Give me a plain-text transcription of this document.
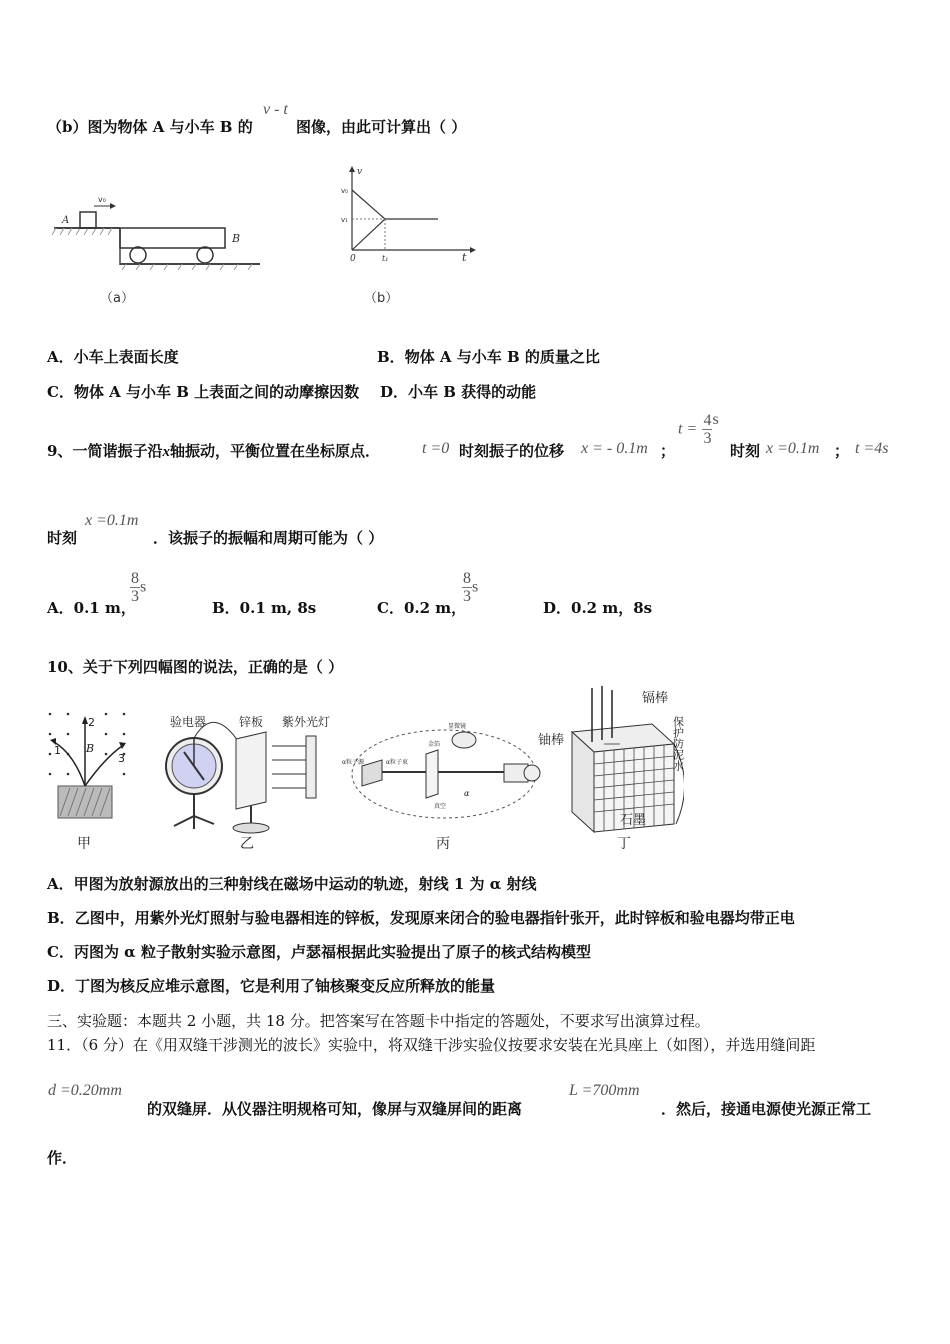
（b）图为物体 A 与小车 B 的
v - t
图像，由此可计算出（ ）
v₀
A
B
（a）
v
v₀
v₁
0	t₁	t
（b）
A．小车上表面长度	B．物体 A 与小车 B 的质量之比
C．物体 A 与小车 B 上表面之间的动摩擦因数 D．小车 B 获得的动能
9、一简谐振子沿x轴振动，平衡位置在坐标原点．	t =0 时刻振子的位移 x = - 0.1m ；
$t = \frac{4}{3}$ s
时刻 x =0.1m ； t =4s
时刻
x =0.1m
．该振子的振幅和周期可能为（ ）
A．0.1 m，
$\frac{8}{3}$ s
B．0.1 m, 8s	C．0.2 m，
$\frac{8}{3}$ s
D．0.2 m，8s
10、关于下列四幅图的说法，正确的是（ ）
2
1
3
B
甲
验电器	锌板 紫外光灯
乙
α粒子源	α粒子束
金箔
显微镜
真空
α
丙
铀棒
镉棒
石墨
保护防泥水
丁
A．甲图为放射源放出的三种射线在磁场中运动的轨迹，射线 1 为 α 射线
B．乙图中，用紫外光灯照射与验电器相连的锌板，发现原来闭合的验电器指针张开，此时锌板和验电器均带正电
C．丙图为 α 粒子散射实验示意图，卢瑟福根据此实验提出了原子的核式结构模型
D．丁图为核反应堆示意图，它是利用了铀核聚变反应所释放的能量
三、实验题：本题共 2 小题，共 18 分。把答案写在答题卡中指定的答题处，不要求写出演算过程。
11．（6 分）在《用双缝干涉测光的波长》实验中，将双缝干涉实验仪按要求安装在光具座上（如图），并选用缝间距
d =0.20mm
的双缝屏．从仪器注明规格可知，像屏与双缝屏间的距离
L =700mm
．然后，接通电源使光源正常工
作．
